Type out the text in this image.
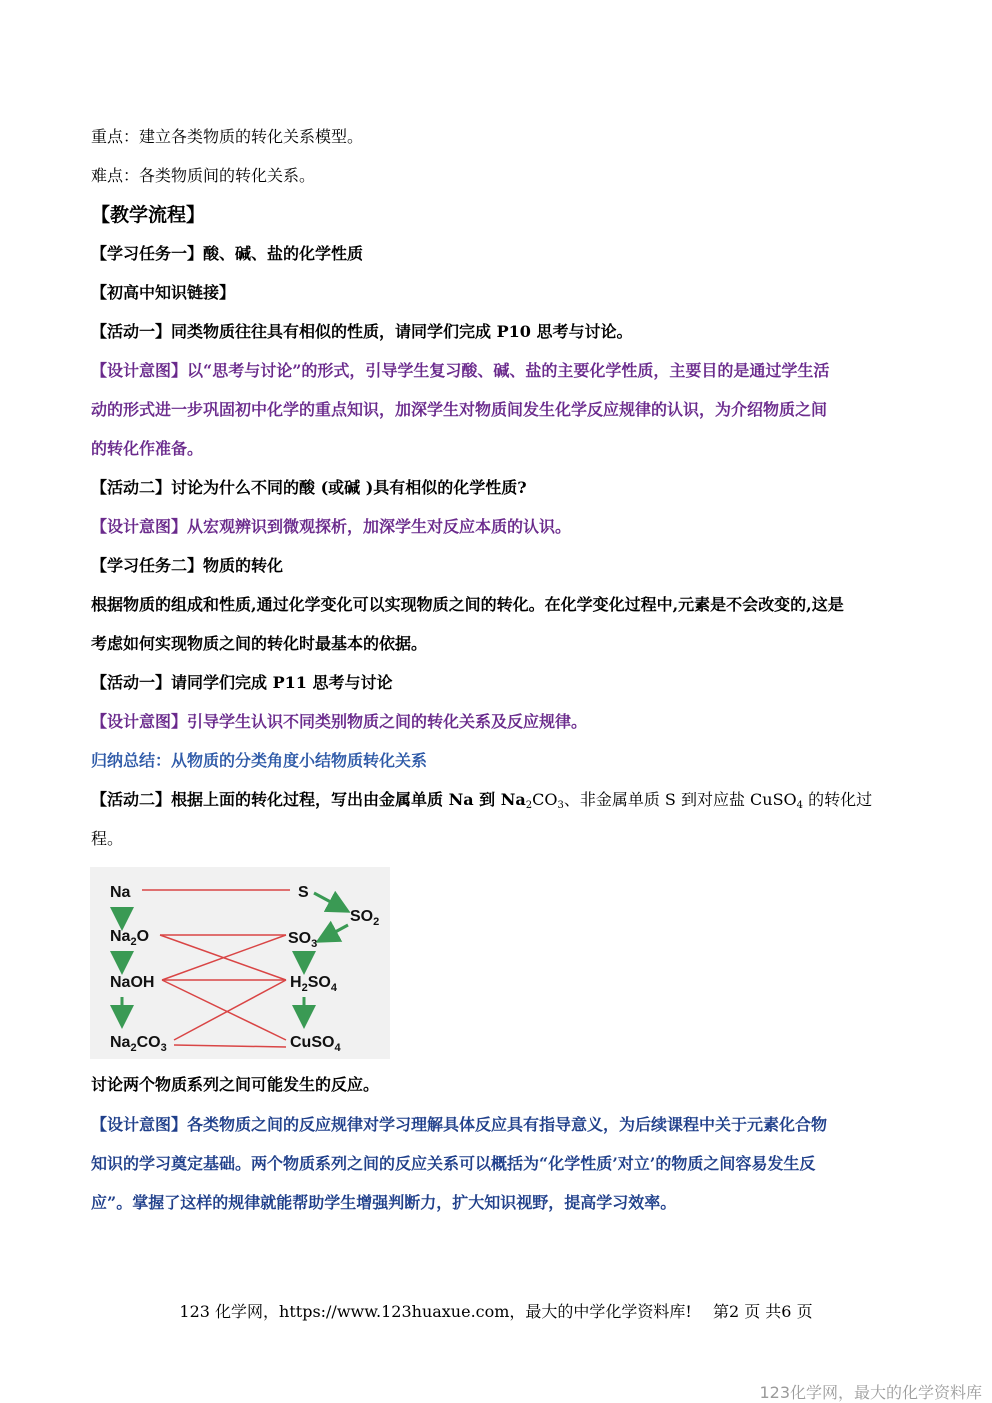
重点：建立各类物质的转化关系模型。
难点：各类物质间的转化关系。
【教学流程】
【学习任务一】酸、碱、盐的化学性质
【初高中知识链接】
【活动一】同类物质往往具有相似的性质，请同学们完成 P10 思考与讨论。
【设计意图】以“思考与讨论”的形式，引导学生复习酸、碱、盐的主要化学性质，主要目的是通过学生活
动的形式进一步巩固初中化学的重点知识，加深学生对物质间发生化学反应规律的认识，为介绍物质之间
的转化作准备。
【活动二】讨论为什么不同的酸 (或碱 )具有相似的化学性质?
【设计意图】从宏观辨识到微观探析，加深学生对反应本质的认识。
【学习任务二】物质的转化
根据物质的组成和性质,通过化学变化可以实现物质之间的转化。在化学变化过程中,元素是不会改变的,这是
考虑如何实现物质之间的转化时最基本的依据。
【活动一】请同学们完成 P11 思考与讨论
【设计意图】引导学生认识不同类别物质之间的转化关系及反应规律。
归纳总结：从物质的分类角度小结物质转化关系
【活动二】根据上面的转化过程，写出由金属单质 Na 到 $Na_2CO_3$、非金属单质 S 到对应盐 CuSO$_4$ 的转化过
程。
Na
$Na_2O$
NaOH
$Na_2CO_3$
S
$SO_2$
$SO_3$
$H_2SO_4$
CuSO$_4$
讨论两个物质系列之间可能发生的反应。
【设计意图】各类物质之间的反应规律对学习理解具体反应具有指导意义，为后续课程中关于元素化合物
知识的学习奠定基础。两个物质系列之间的反应关系可以概括为“化学性质’对立’的物质之间容易发生反
应”。掌握了这样的规律就能帮助学生增强判断力，扩大知识视野，提高学习效率。
123 化学网，https://www.123huaxue.com，最大的中学化学资料库!　 第2 页 共6 页
123化学网，最大的化学资料库
